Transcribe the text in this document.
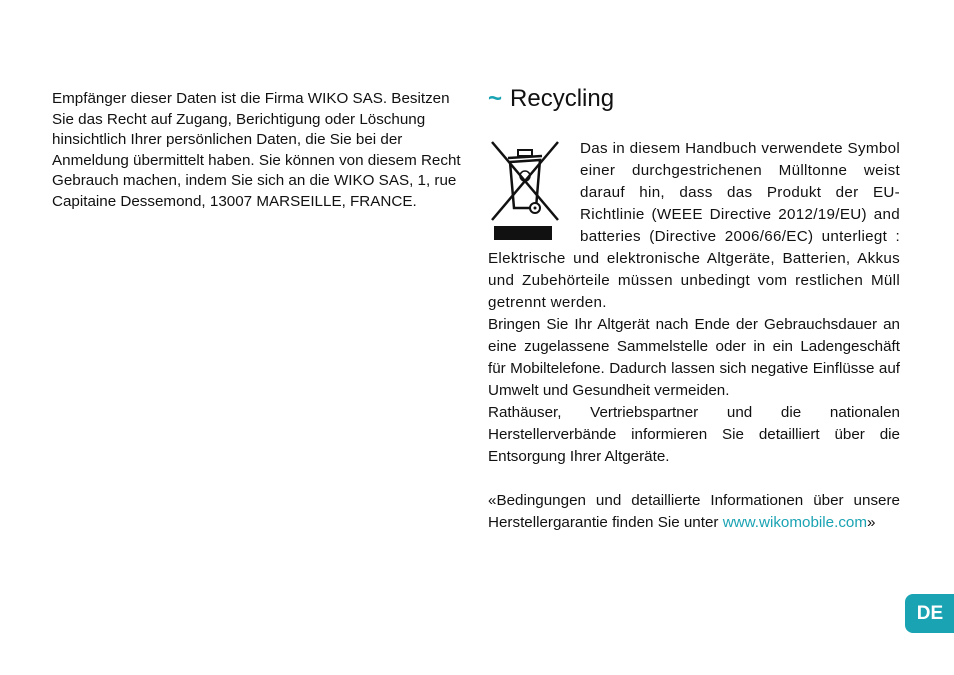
Empfänger dieser Daten ist die Firma WIKO SAS. Besitzen Sie das Recht auf Zugang, Berichtigung oder Löschung hinsichtlich Ihrer persönlichen Daten, die Sie bei der Anmeldung übermittelt haben. Sie können von diesem Recht Gebrauch machen, indem Sie sich an die WIKO SAS, 1, rue Capitaine Dessemond, 13007 MARSEILLE, FRANCE.

~ Recycling

Das in diesem Handbuch verwendete Symbol einer durchgestrichenen Mülltonne weist darauf hin, dass das Produkt der EU-Richtlinie (WEEE Directive 2012/19/EU) and batteries (Directive 2006/66/EC) unterliegt : Elektrische und elektronische Altgeräte, Batterien, Akkus und Zubehörteile müssen unbedingt vom restlichen Müll getrennt werden.

Bringen Sie Ihr Altgerät nach Ende der Gebrauchsdauer an eine zugelassene Sammelstelle oder in ein Ladengeschäft für Mobiltelefone. Dadurch lassen sich negative Einflüsse auf Umwelt und Gesundheit vermeiden.

Rathäuser, Vertriebspartner und die nationalen Herstellerverbände informieren Sie detailliert über die Entsorgung Ihrer Altgeräte.

«Bedingungen und detaillierte Informationen über unsere Herstellergarantie finden Sie unter www.wikomobile.com»

DE
